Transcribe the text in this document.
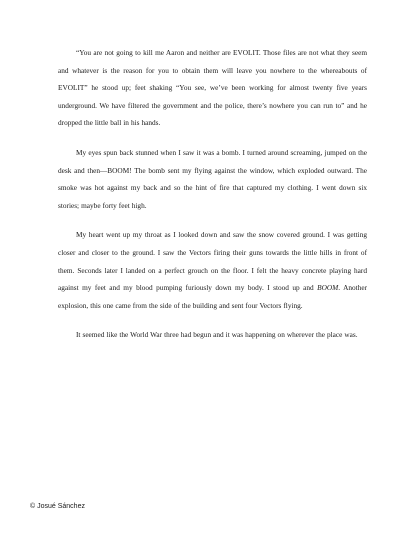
“You are not going to kill me Aaron and neither are EVOLIT. Those files are not what they seem and whatever is the reason for you to obtain them will leave you nowhere to the whereabouts of EVOLIT” he stood up; feet shaking “You see, we’ve been working for almost twenty five years underground. We have filtered the government and the police, there’s nowhere you can run to” and he dropped the little ball in his hands.

My eyes spun back stunned when I saw it was a bomb. I turned around screaming, jumped on the desk and then—BOOM! The bomb sent my flying against the window, which exploded outward. The smoke was hot against my back and so the hint of fire that captured my clothing. I went down six stories; maybe forty feet high.

My heart went up my throat as I looked down and saw the snow covered ground. I was getting closer and closer to the ground. I saw the Vectors firing their guns towards the little hills in front of them. Seconds later I landed on a perfect grouch on the floor. I felt the heavy concrete playing hard against my feet and my blood pumping furiously down my body. I stood up and BOOM. Another explosion, this one came from the side of the building and sent four Vectors flying.

It seemed like the World War three had begun and it was happening on wherever the place was.

© Josué Sánchez
